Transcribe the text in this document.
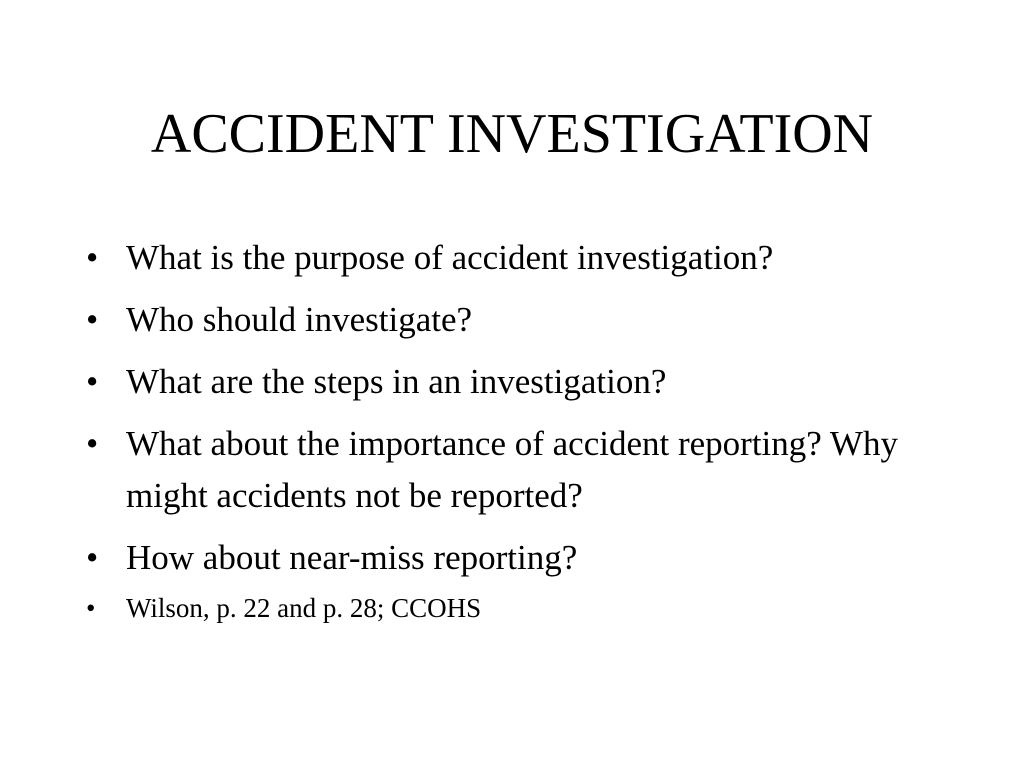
ACCIDENT INVESTIGATION
• What is the purpose of accident investigation?
• Who should investigate?
• What are the steps in an investigation?
• What about the importance of accident reporting? Why might accidents not be reported?
• How about near-miss reporting?
•	Wilson, p. 22 and p. 28; CCOHS
